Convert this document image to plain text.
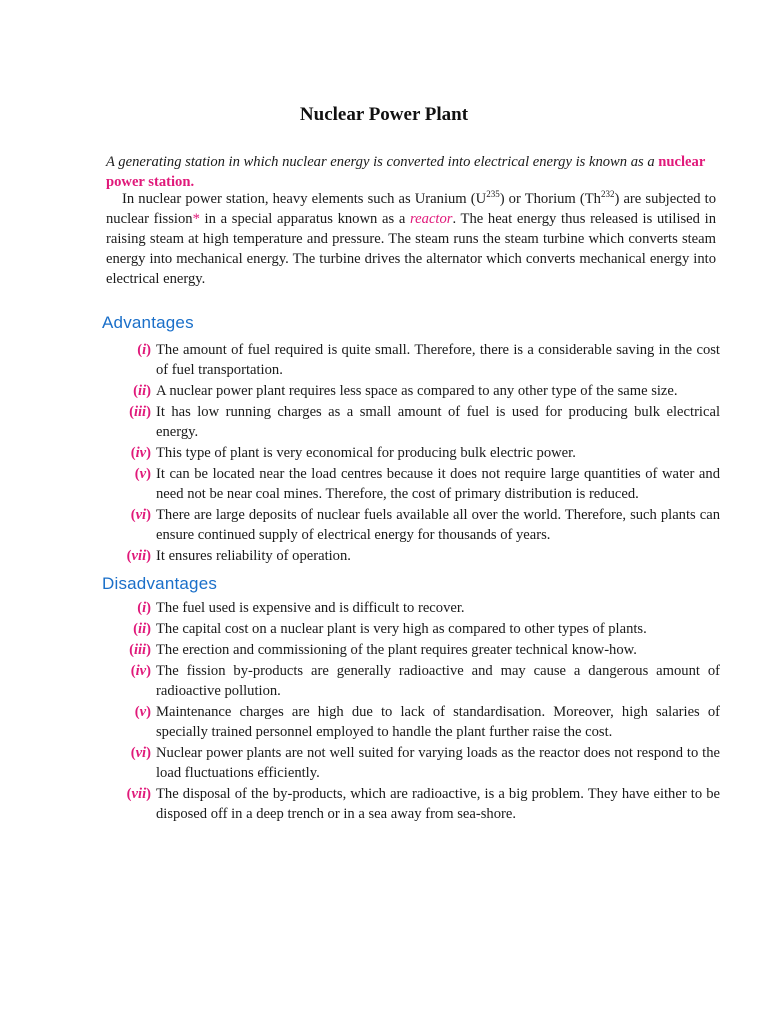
Nuclear Power Plant

A generating station in which nuclear energy is converted into electrical energy is known as a nuclear power station.

In nuclear power station, heavy elements such as Uranium $(U^{235})$ or Thorium (Th$^{232}$) are subjected to nuclear fission* in a special apparatus known as a reactor. The heat energy thus released is utilised in raising steam at high temperature and pressure. The steam runs the steam turbine which converts steam energy into mechanical energy. The turbine drives the alternator which converts mechanical energy into electrical energy.

Advantages
(i) The amount of fuel required is quite small. Therefore, there is a considerable saving in the cost of fuel transportation.
(ii) A nuclear power plant requires less space as compared to any other type of the same size.
(iii) It has low running charges as a small amount of fuel is used for producing bulk electrical energy.
(iv) This type of plant is very economical for producing bulk electric power.
(v) It can be located near the load centres because it does not require large quantities of water and need not be near coal mines. Therefore, the cost of primary distribution is reduced.
(vi) There are large deposits of nuclear fuels available all over the world. Therefore, such plants can ensure continued supply of electrical energy for thousands of years.
(vii) It ensures reliability of operation.
Disadvantages
(i) The fuel used is expensive and is difficult to recover.
(ii) The capital cost on a nuclear plant is very high as compared to other types of plants.
(iii) The erection and commissioning of the plant requires greater technical know-how.
(iv) The fission by-products are generally radioactive and may cause a dangerous amount of radioactive pollution.
(v) Maintenance charges are high due to lack of standardisation. Moreover, high salaries of specially trained personnel employed to handle the plant further raise the cost.
(vi) Nuclear power plants are not well suited for varying loads as the reactor does not respond to the load fluctuations efficiently.
(vii) The disposal of the by-products, which are radioactive, is a big problem. They have either to be disposed off in a deep trench or in a sea away from sea-shore.
